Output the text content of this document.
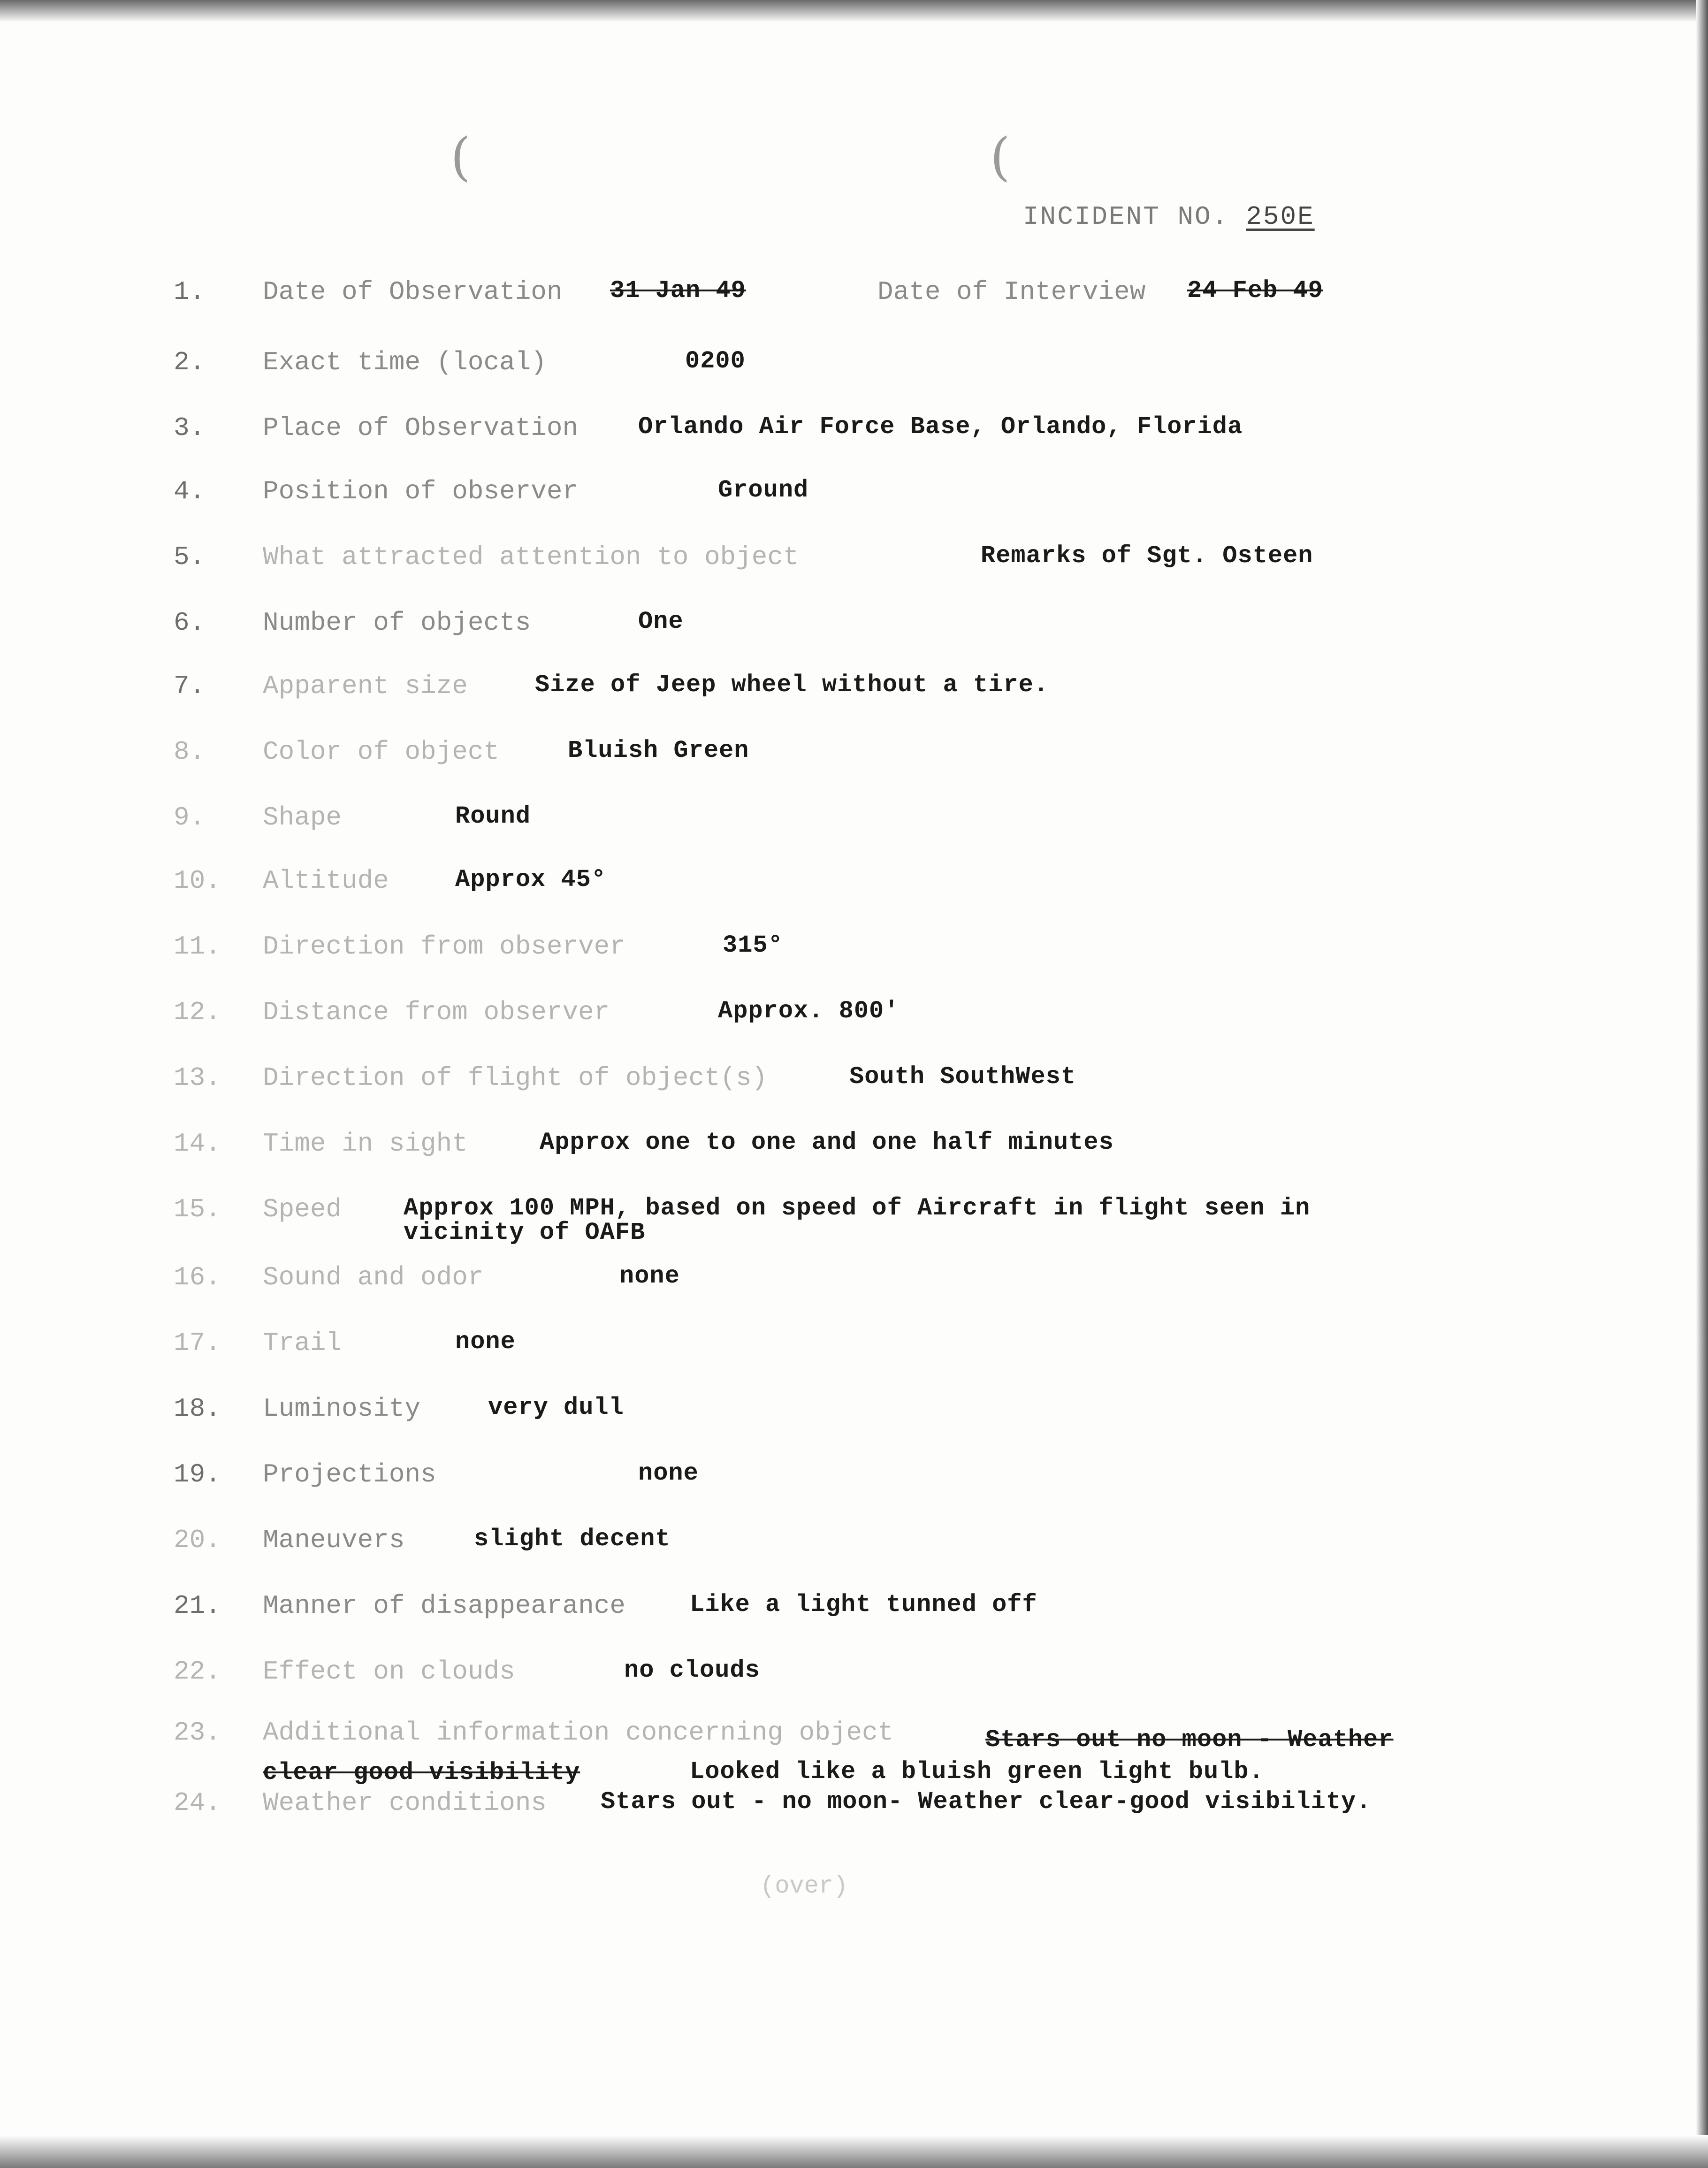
(	(
INCIDENT NO. 250E
1. Date of Observation 31 Jan 49	Date of Interview 24 Feb 49
2. Exact time (local)	0200
3. Place of Observation Orlando Air Force Base, Orlando, Florida
4. Position of observer	Ground
5. What attracted attention to object	Remarks of Sgt. Osteen
6. Number of objects	One
7. Apparent size	Size of Jeep wheel without a tire.
8. Color of object	Bluish Green
9. Shape	Round
10. Altitude	Approx 45°
11. Direction from observer	315°
12. Distance from observer	Approx. 800'
13. Direction of flight of object(s)	South SouthWest
14. Time in sight	Approx one to one and one half minutes
15. Speed	Approx 100 MPH, based on speed of Aircraft in flight seen in
vicinity of OAFB
16. Sound and odor	none
17. Trail	none
18. Luminosity	very dull
19. Projections	none
20. Maneuvers	slight decent
21. Manner of disappearance	Like a light tunned off
22. Effect on clouds	no clouds
23. Additional information concerning object	Stars out no moon - Weather
clear good visibility	Looked like a bluish green light bulb.
24. Weather conditions Stars out - no moon- Weather clear-good visibility.
(over)
